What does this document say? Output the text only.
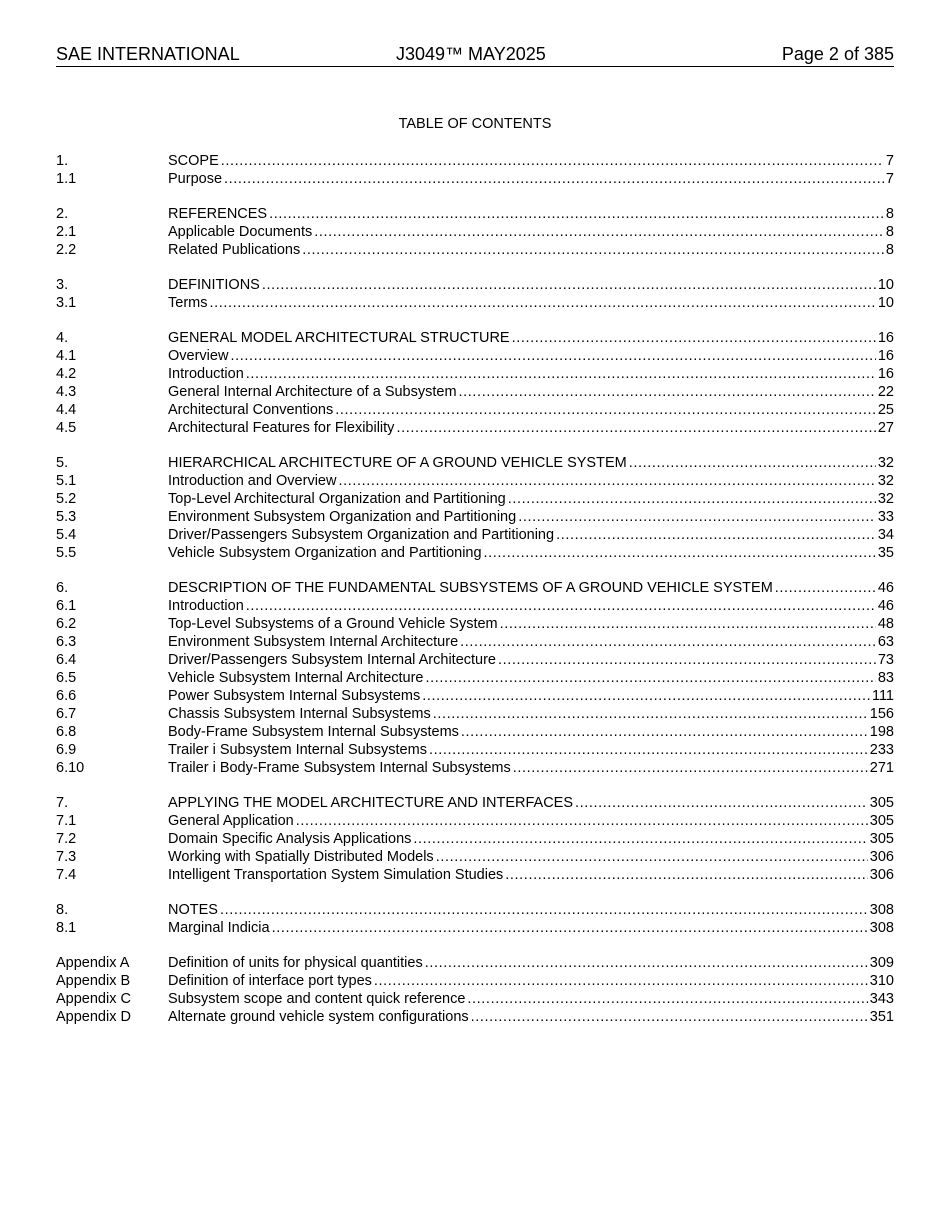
SAE INTERNATIONAL	J3049™ MAY2025	Page 2 of 385
TABLE OF CONTENTS
1.	SCOPE .....	7
1.1	Purpose .....	7
2.	REFERENCES .....	8
2.1	Applicable Documents .....	8
2.2	Related Publications .....	8
3.	DEFINITIONS .....	10
3.1	Terms .....	10
4.	GENERAL MODEL ARCHITECTURAL STRUCTURE .....	16
4.1	Overview .....	16
4.2	Introduction .....	16
4.3	General Internal Architecture of a Subsystem .....	22
4.4	Architectural Conventions .....	25
4.5	Architectural Features for Flexibility .....	27
5.	HIERARCHICAL ARCHITECTURE OF A GROUND VEHICLE SYSTEM .....	32
5.1	Introduction and Overview .....	32
5.2	Top-Level Architectural Organization and Partitioning .....	32
5.3	Environment Subsystem Organization and Partitioning .....	33
5.4	Driver/Passengers Subsystem Organization and Partitioning .....	34
5.5	Vehicle Subsystem Organization and Partitioning .....	35
6.	DESCRIPTION OF THE FUNDAMENTAL SUBSYSTEMS OF A GROUND VEHICLE SYSTEM .....	46
6.1	Introduction .....	46
6.2	Top-Level Subsystems of a Ground Vehicle System .....	48
6.3	Environment Subsystem Internal Architecture .....	63
6.4	Driver/Passengers Subsystem Internal Architecture .....	73
6.5	Vehicle Subsystem Internal Architecture .....	83
6.6	Power Subsystem Internal Subsystems .....	111
6.7	Chassis Subsystem Internal Subsystems .....	156
6.8	Body-Frame Subsystem Internal Subsystems .....	198
6.9	Trailer i Subsystem Internal Subsystems .....	233
6.10	Trailer i Body-Frame Subsystem Internal Subsystems .....	271
7.	APPLYING THE MODEL ARCHITECTURE AND INTERFACES .....	305
7.1	General Application .....	305
7.2	Domain Specific Analysis Applications .....	305
7.3	Working with Spatially Distributed Models .....	306
7.4	Intelligent Transportation System Simulation Studies .....	306
8.	NOTES .....	308
8.1	Marginal Indicia .....	308
Appendix A	Definition of units for physical quantities .....	309
Appendix B	Definition of interface port types .....	310
Appendix C	Subsystem scope and content quick reference .....	343
Appendix D	Alternate ground vehicle system configurations .....	351
